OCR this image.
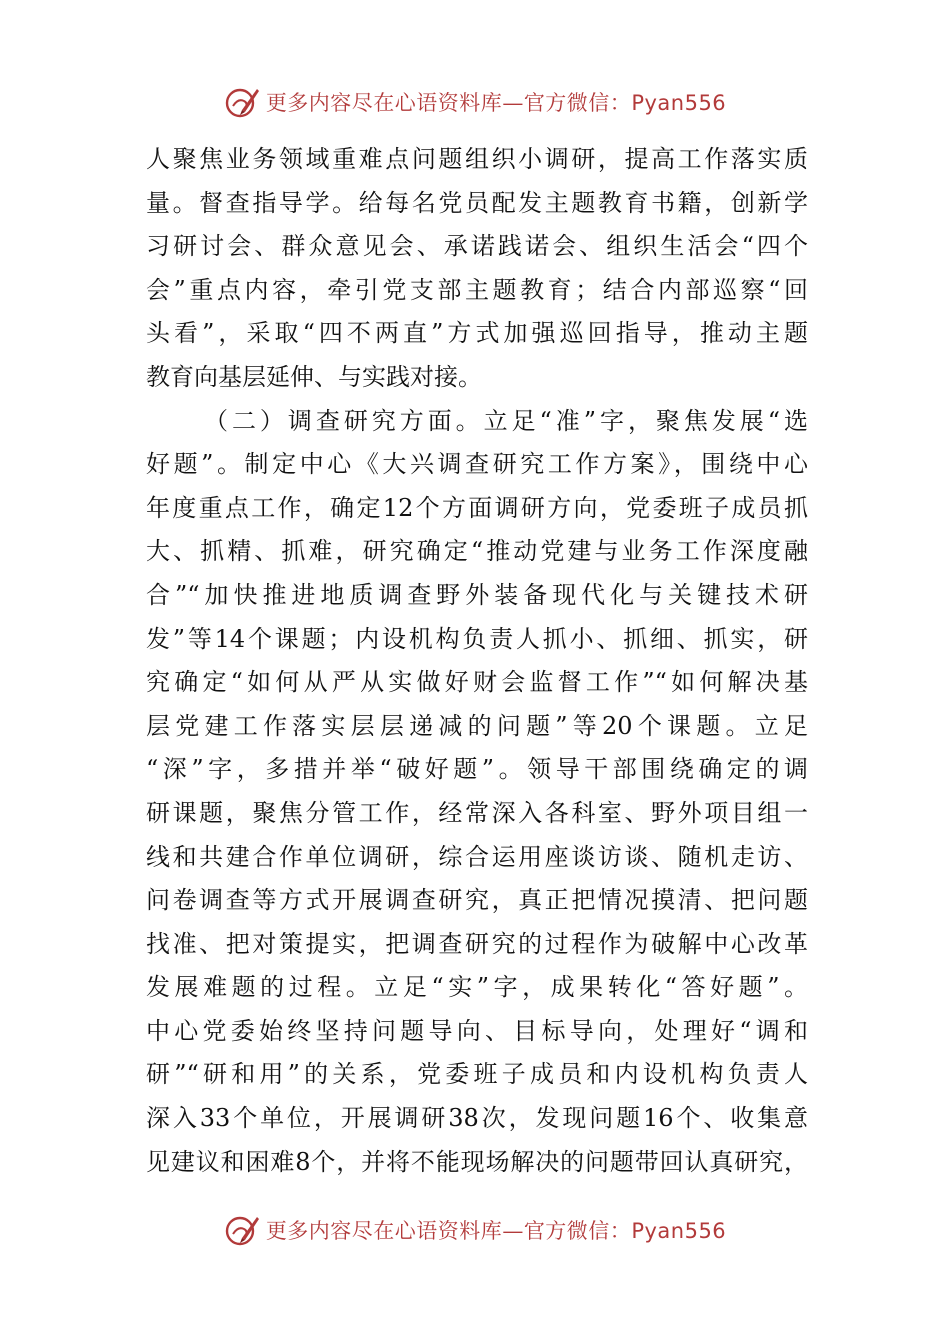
更多内容尽在心语资料库—官方微信：Pyan556
人聚焦业务领域重难点问题组织小调研，提高工作落实质
量。督查指导学。给每名党员配发主题教育书籍，创新学
习研讨会、群众意见会、承诺践诺会、组织生活会“四个
会”重点内容，牵引党支部主题教育；结合内部巡察“回
头看”，采取“四不两直”方式加强巡回指导，推动主题
教育向基层延伸、与实践对接。
（二）调查研究方面。立足“准”字，聚焦发展“选
好题”。制定中心《大兴调查研究工作方案》，围绕中心
年度重点工作，确定12个方面调研方向，党委班子成员抓
大、抓精、抓难，研究确定“推动党建与业务工作深度融
合”“加快推进地质调查野外装备现代化与关键技术研
发”等14个课题；内设机构负责人抓小、抓细、抓实，研
究确定“如何从严从实做好财会监督工作”“如何解决基
层党建工作落实层层递减的问题”等20个课题。立足
“深”字，多措并举“破好题”。领导干部围绕确定的调
研课题，聚焦分管工作，经常深入各科室、野外项目组一
线和共建合作单位调研，综合运用座谈访谈、随机走访、
问卷调查等方式开展调查研究，真正把情况摸清、把问题
找准、把对策提实，把调查研究的过程作为破解中心改革
发展难题的过程。立足“实”字，成果转化“答好题”。
中心党委始终坚持问题导向、目标导向，处理好“调和
研”“研和用”的关系，党委班子成员和内设机构负责人
深入33个单位，开展调研38次，发现问题16个、收集意
见建议和困难8个，并将不能现场解决的问题带回认真研究，
更多内容尽在心语资料库—官方微信：Pyan556
